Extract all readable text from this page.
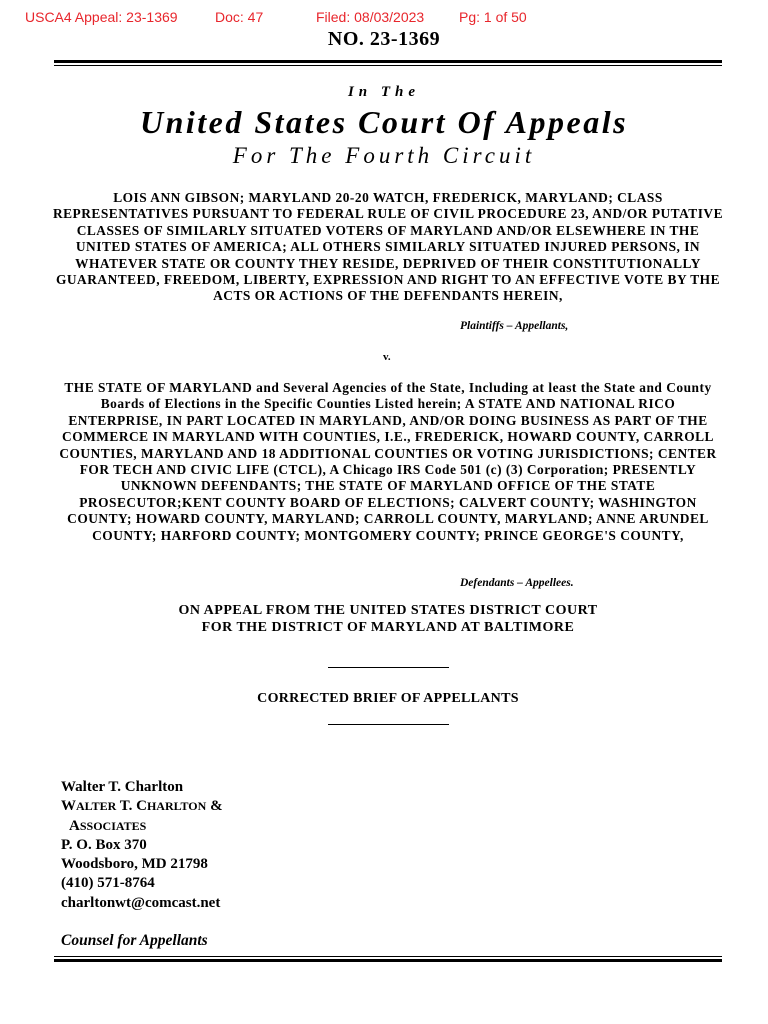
USCA4 Appeal: 23-1369	Doc: 47	Filed: 08/03/2023 Pg: 1 of 50
NO. 23-1369
In The
United States Court Of Appeals
For The Fourth Circuit

LOIS ANN GIBSON; MARYLAND 20-20 WATCH, FREDERICK, MARYLAND; CLASS REPRESENTATIVES PURSUANT TO FEDERAL RULE OF CIVIL PROCEDURE 23, AND/OR PUTATIVE CLASSES OF SIMILARLY SITUATED VOTERS OF MARYLAND AND/OR ELSEWHERE IN THE UNITED STATES OF AMERICA; ALL OTHERS SIMILARLY SITUATED INJURED PERSONS, IN WHATEVER STATE OR COUNTY THEY RESIDE, DEPRIVED OF THEIR CONSTITUTIONALLY GUARANTEED, FREEDOM, LIBERTY, EXPRESSION AND RIGHT TO AN EFFECTIVE VOTE BY THE ACTS OR ACTIONS OF THE DEFENDANTS HEREIN,

Plaintiffs – Appellants,
v.

THE STATE OF MARYLAND and Several Agencies of the State, Including at least the State and County Boards of Elections in the Specific Counties Listed herein; A STATE AND NATIONAL RICO ENTERPRISE, IN PART LOCATED IN MARYLAND, AND/OR DOING BUSINESS AS PART OF THE COMMERCE IN MARYLAND WITH COUNTIES, I.E., FREDERICK, HOWARD COUNTY, CARROLL COUNTIES, MARYLAND AND 18 ADDITIONAL COUNTIES OR VOTING JURISDICTIONS; CENTER FOR TECH AND CIVIC LIFE (CTCL), A Chicago IRS Code 501 (c) (3) Corporation; PRESENTLY UNKNOWN DEFENDANTS; THE STATE OF MARYLAND OFFICE OF THE STATE PROSECUTOR;KENT COUNTY BOARD OF ELECTIONS; CALVERT COUNTY; WASHINGTON COUNTY; HOWARD COUNTY, MARYLAND; CARROLL COUNTY, MARYLAND; ANNE ARUNDEL COUNTY; HARFORD COUNTY; MONTGOMERY COUNTY; PRINCE GEORGE'S COUNTY,

Defendants – Appellees.
ON APPEAL FROM THE UNITED STATES DISTRICT COURT
FOR THE DISTRICT OF MARYLAND AT BALTIMORE
CORRECTED BRIEF OF APPELLANTS
Walter T. Charlton
WALTER T. CHARLTON &
ASSOCIATES
P. O. Box 370
Woodsboro, MD 21798
(410) 571-8764
charltonwt@comcast.net
Counsel for Appellants
